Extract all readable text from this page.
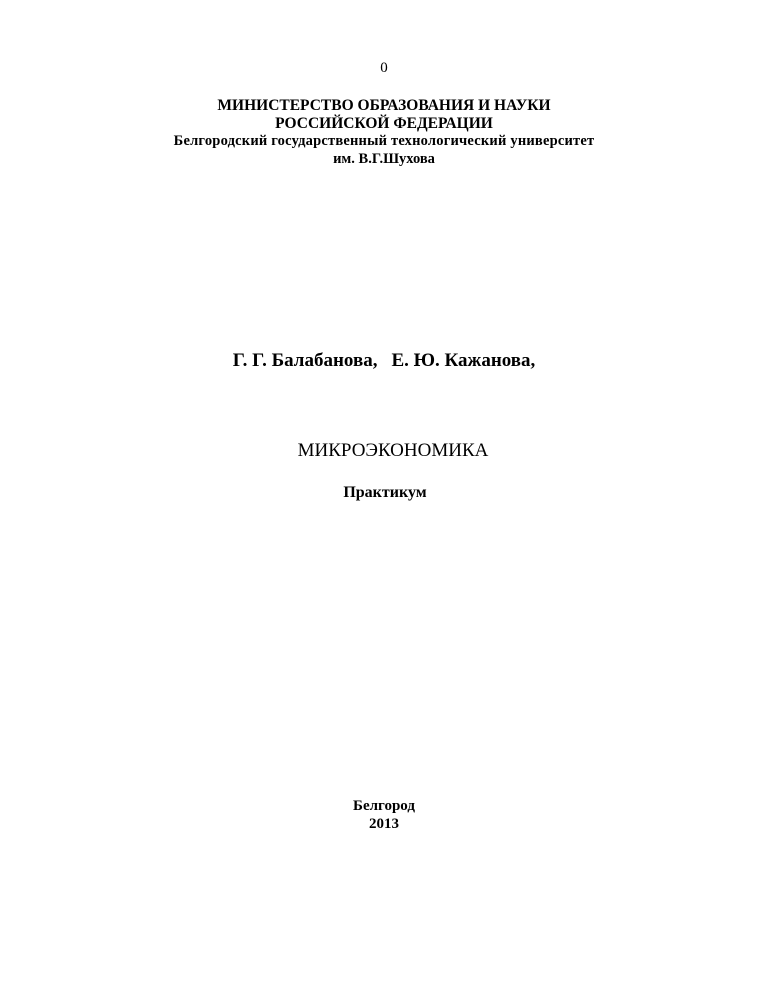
0
МИНИСТЕРСТВО ОБРАЗОВАНИЯ И НАУКИ
РОССИЙСКОЙ ФЕДЕРАЦИИ
Белгородский государственный технологический университет
им. В.Г.Шухова
Г. Г. Балабанова, Е. Ю. Кажанова,
МИКРОЭКОНОМИКА
Практикум
Белгород
2013
